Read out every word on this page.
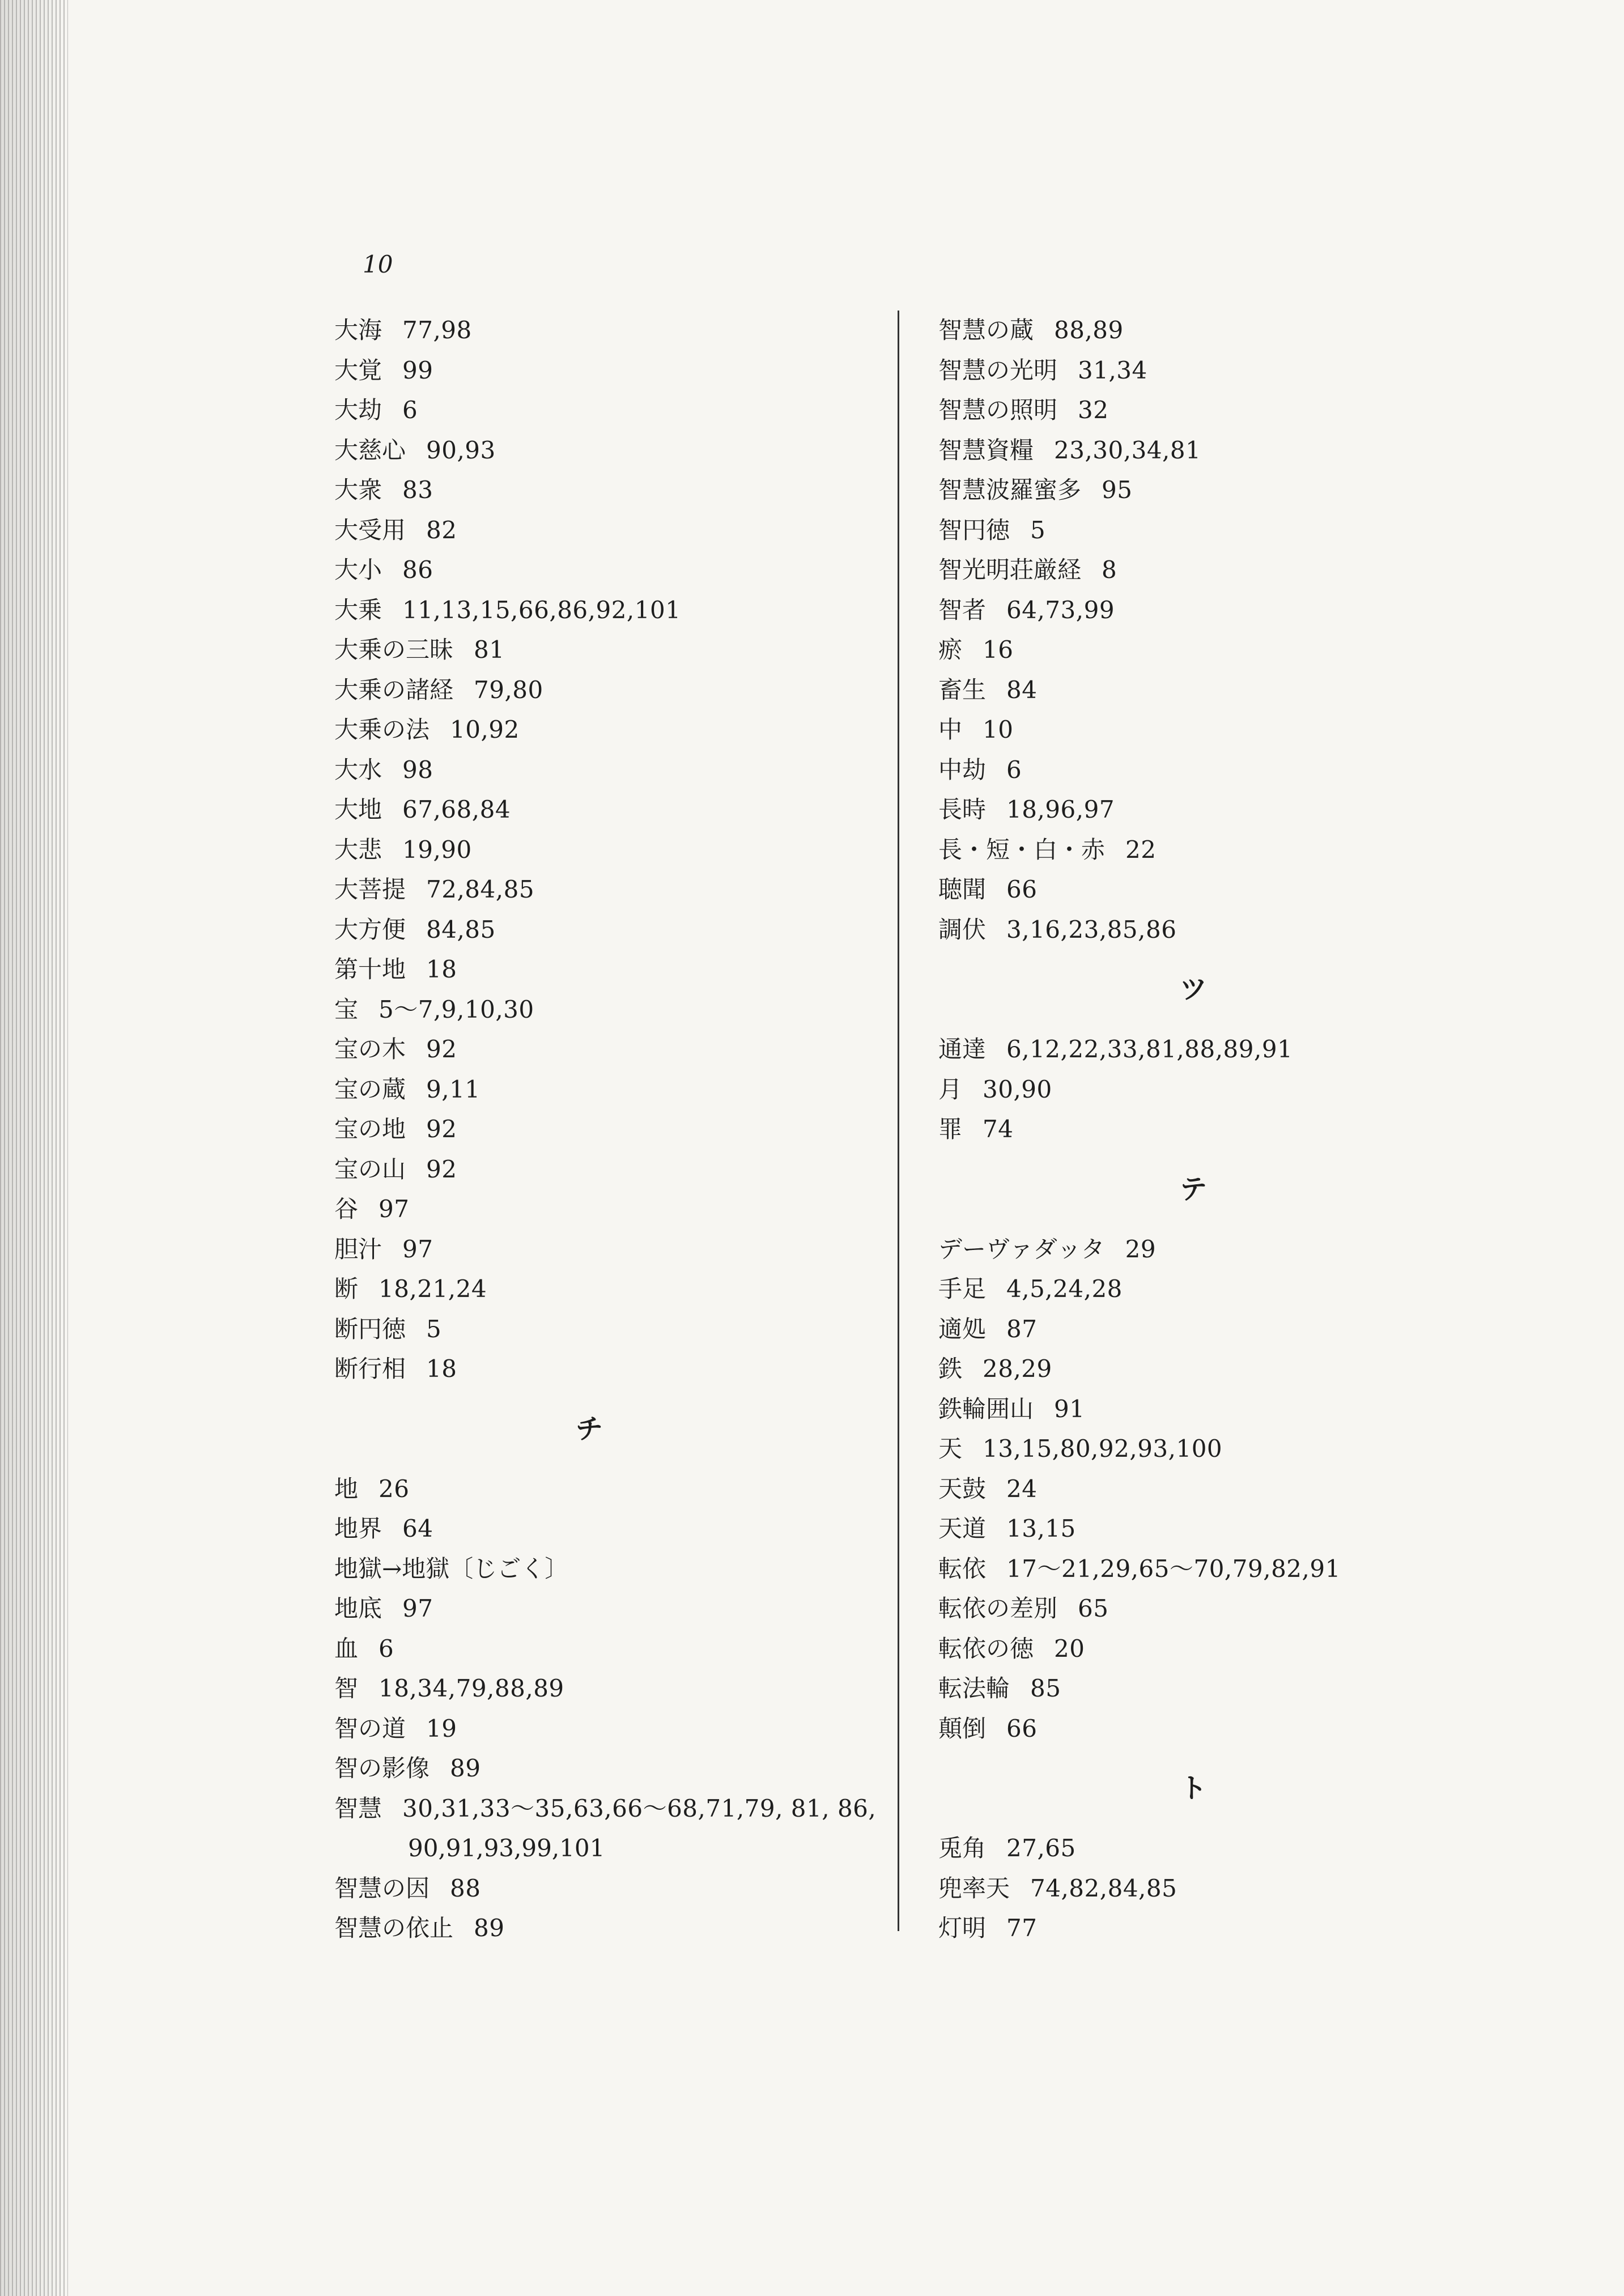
10
大海 77,98
大覚 99
大劫 6
大慈心 90,93
大衆 83
大受用 82
大小 86
大乗 11,13,15,66,86,92,101
大乗の三昧 81
大乗の諸経 79,80
大乗の法 10,92
大水 98
大地 67,68,84
大悲 19,90
大菩提 72,84,85
大方便 84,85
第十地 18
宝 5〜7,9,10,30
宝の木 92
宝の蔵 9,11
宝の地 92
宝の山 92
谷 97
胆汁 97
断 18,21,24
断円徳 5
断行相 18
チ
地 26
地界 64
地獄→地獄〔じごく〕
地底 97
血 6
智 18,34,79,88,89
智の道 19
智の影像 89
智慧 30,31,33〜35,63,66〜68,71,79, 81, 86,
90,91,93,99,101
智慧の因 88
智慧の依止 89
智慧の蔵 88,89
智慧の光明 31,34
智慧の照明 32
智慧資糧 23,30,34,81
智慧波羅蜜多 95
智円徳 5
智光明荘厳経 8
智者 64,73,99
瘀 16
畜生 84
中 10
中劫 6
長時 18,96,97
長・短・白・赤 22
聴聞 66
調伏 3,16,23,85,86
ツ
通達 6,12,22,33,81,88,89,91
月 30,90
罪 74
テ
デーヴァダッタ 29
手足 4,5,24,28
適処 87
鉄 28,29
鉄輪囲山 91
天 13,15,80,92,93,100
天鼓 24
天道 13,15
転依 17〜21,29,65〜70,79,82,91
転依の差別 65
転依の徳 20
転法輪 85
顛倒 66
ト
兎角 27,65
兜率天 74,82,84,85
灯明 77
